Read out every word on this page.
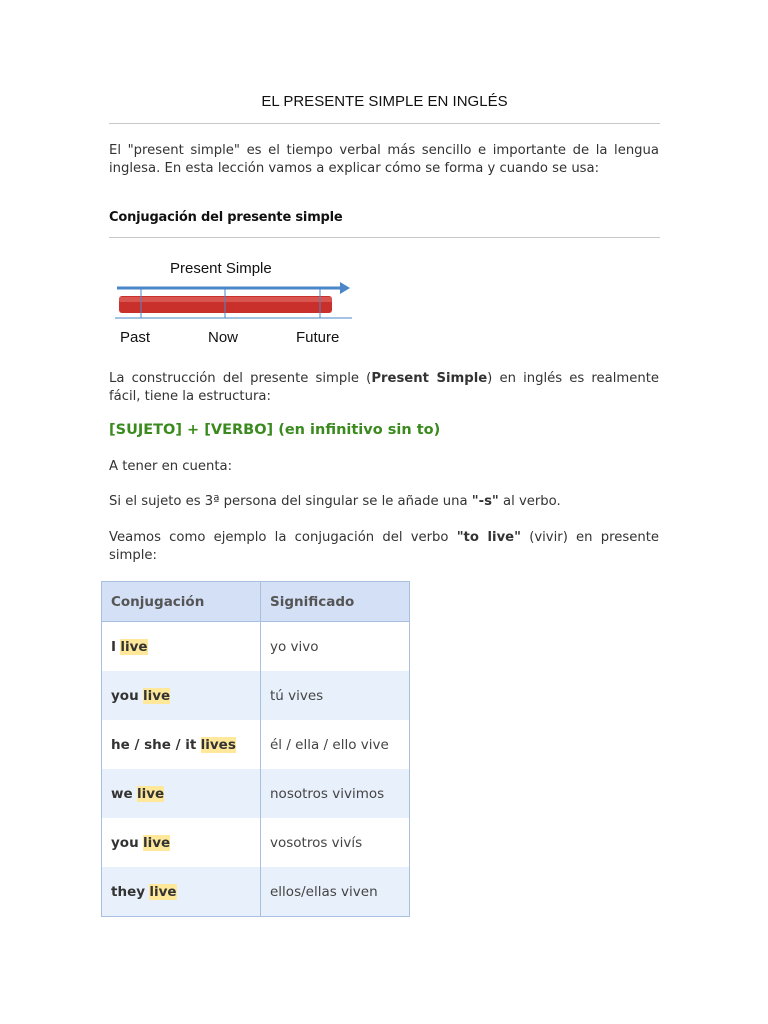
EL PRESENTE SIMPLE EN INGLÉS
El "present simple" es el tiempo verbal más sencillo e importante de la lengua inglesa. En esta lección vamos a explicar cómo se forma y cuando se usa:
Conjugación del presente simple
Present Simple
Past	Now	Future
La construcción del presente simple (Present Simple) en inglés es realmente fácil, tiene la estructura:
[SUJETO] + [VERBO] (en infinitivo sin to)
A tener en cuenta:
Si el sujeto es 3ª persona del singular se le añade una "-s" al verbo.
Veamos como ejemplo la conjugación del verbo "to live" (vivir) en presente simple:
Conjugación	Significado
I live	yo vivo
you live	tú vives
he / she / it lives	él / ella / ello vive
we live	nosotros vivimos
you live	vosotros vivís
they live	ellos/ellas viven
